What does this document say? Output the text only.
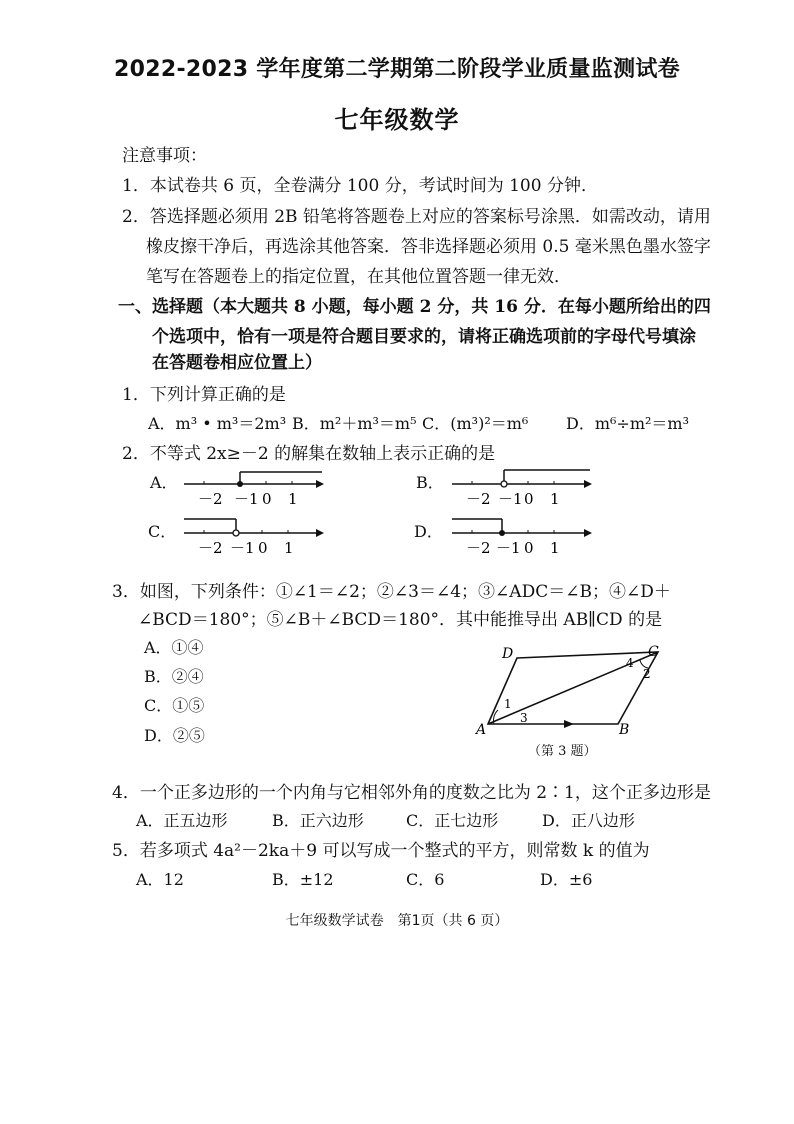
2022-2023 学年度第二学期第二阶段学业质量监测试卷
七年级数学
注意事项：
1．本试卷共 6 页，全卷满分 100 分，考试时间为 100 分钟．
2．答选择题必须用 2B 铅笔将答题卷上对应的答案标号涂黑．如需改动，请用
橡皮擦干净后，再选涂其他答案．答非选择题必须用 0.5 毫米黑色墨水签字
笔写在答题卷上的指定位置，在其他位置答题一律无效．
一、选择题（本大题共 8 小题，每小题 2 分，共 16 分．在每小题所给出的四
个选项中，恰有一项是符合题目要求的，请将正确选项前的字母代号填涂
在答题卷相应位置上）
1．下列计算正确的是
A．m³ • m³＝2m³ B．m²＋m³＝m⁵ C．(m³)²＝m⁶ D．m⁶÷m²＝m³
2．不等式 2x≥－2 的解集在数轴上表示正确的是
A．	B．
C．	D．
－2 －1 0 1	－2 －1 0 1
－2 －1 0 1	－2 －1 0 1
3．如图，下列条件：①∠1＝∠2；②∠3＝∠4；③∠ADC＝∠B；④∠D＋
∠BCD＝180°；⑤∠B＋∠BCD＝180°．其中能推导出 AB∥CD 的是
A．①④
B．②④
C．①⑤
D．②⑤
D	C
A	B
1
2
3
4
（第 3 题）
4．一个正多边形的一个内角与它相邻外角的度数之比为 2∶1，这个正多边形是
A．正五边形	B．正六边形	C．正七边形	D．正八边形
5．若多项式 4a²－2ka＋9 可以写成一个整式的平方，则常数 k 的值为
A．12	B．±12	C．6	D．±6
七年级数学试卷　第1页（共 6 页）
